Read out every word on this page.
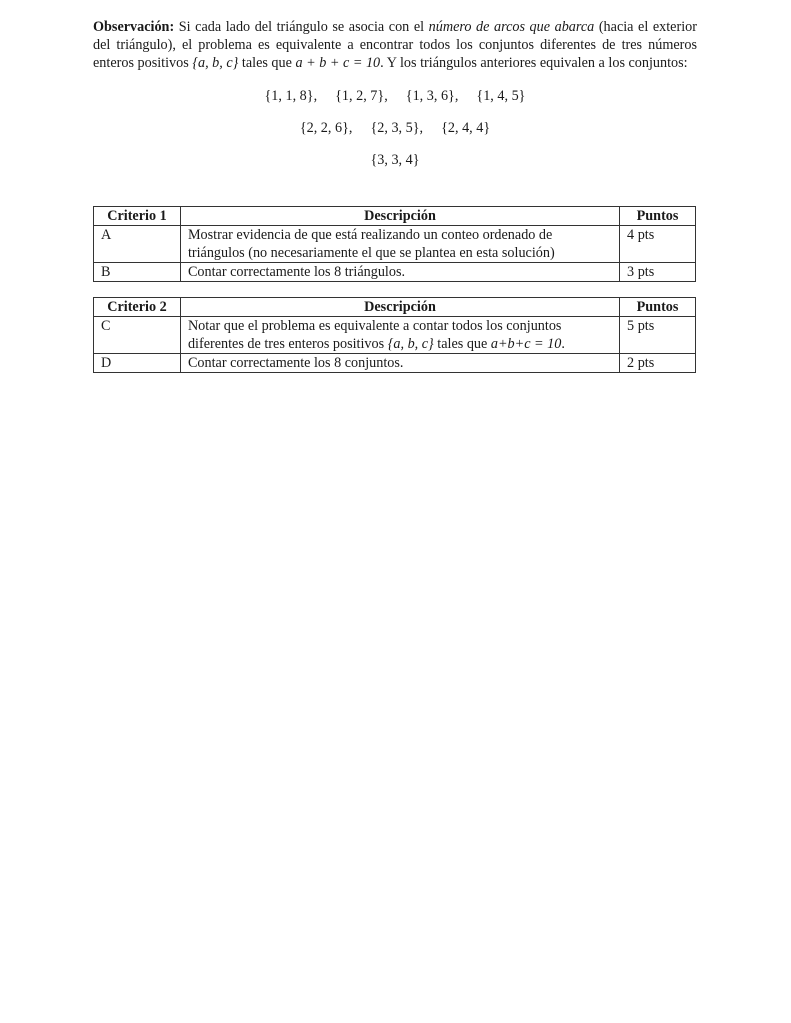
Observación: Si cada lado del triángulo se asocia con el número de arcos que abarca (hacia el exterior del triángulo), el problema es equivalente a encontrar todos los conjuntos diferentes de tres números enteros positivos {a, b, c} tales que a + b + c = 10. Y los triángulos anteriores equivalen a los conjuntos:

{1, 1, 8}, {1, 2, 7}, {1, 3, 6}, {1, 4, 5}
{2, 2, 6}, {2, 3, 5}, {2, 4, 4}
{3, 3, 4}
Criterio 1	Descripción	Puntos
A	Mostrar evidencia de que está realizando un conteo ordenado de triángulos (no necesariamente el que se plantea en esta solución)	4 pts
B	Contar correctamente los 8 triángulos.	3 pts
Criterio 2	Descripción	Puntos
C	Notar que el problema es equivalente a contar todos los conjuntos diferentes de tres enteros positivos {a, b, c} tales que a+b+c = 10.	5 pts
D	Contar correctamente los 8 conjuntos.	2 pts
